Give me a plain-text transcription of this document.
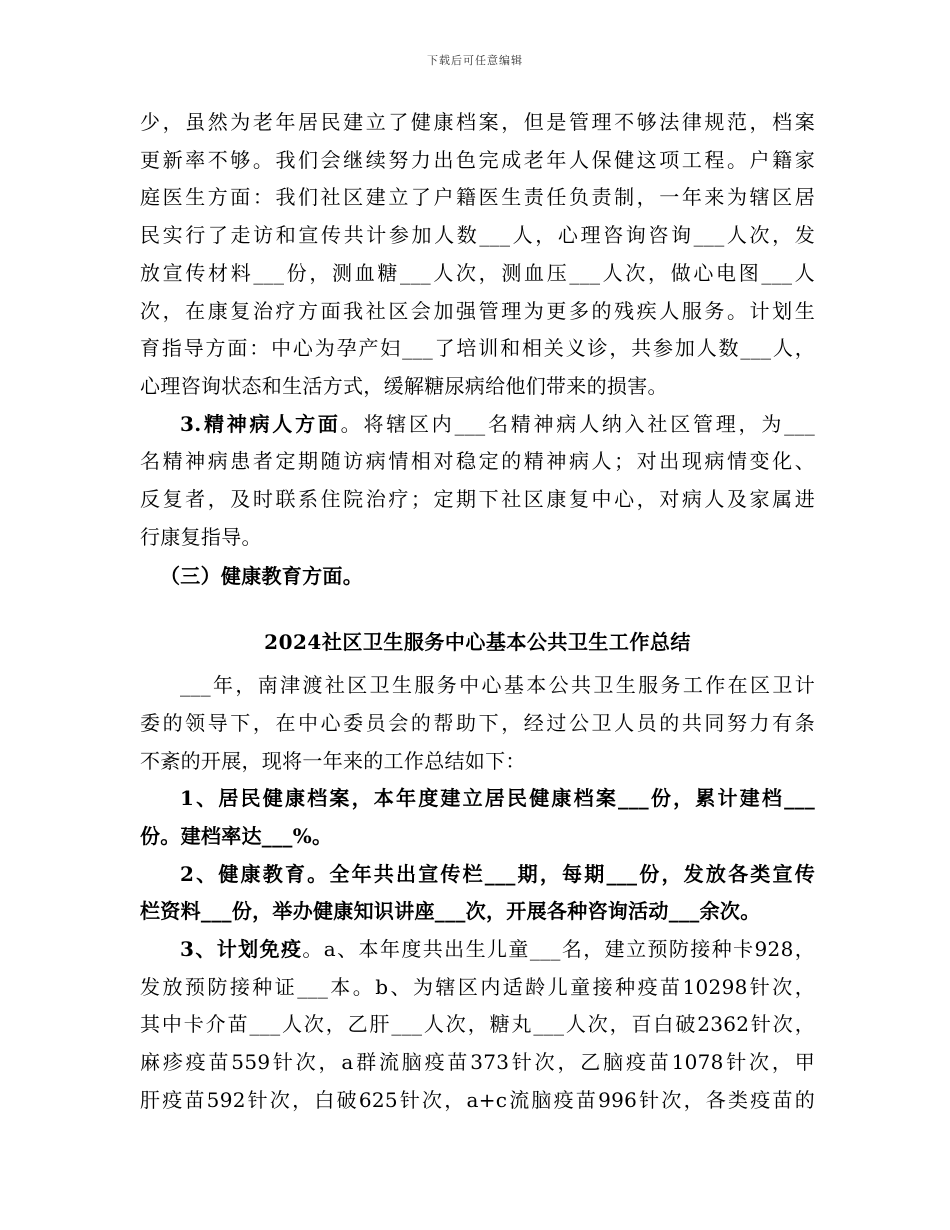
下载后可任意编辑

少，虽然为老年居民建立了健康档案，但是管理不够法律规范，档案

更新率不够。我们会继续努力出色完成老年人保健这项工程。户籍家

庭医生方面：我们社区建立了户籍医生责任负责制，一年来为辖区居

民实行了走访和宣传共计参加人数___人，心理咨询咨询___人次，发

放宣传材料___份，测血糖___人次，测血压___人次，做心电图___人

次，在康复治疗方面我社区会加强管理为更多的残疾人服务。计划生

育指导方面：中心为孕产妇___了培训和相关义诊，共参加人数___人，

心理咨询状态和生活方式，缓解糖尿病给他们带来的损害。

3.精神病人方面。将辖区内___名精神病人纳入社区管理，为___

名精神病患者定期随访病情相对稳定的精神病人；对出现病情变化、

反复者，及时联系住院治疗；定期下社区康复中心，对病人及家属进

行康复指导。

（三）健康教育方面。

2024社区卫生服务中心基本公共卫生工作总结

___年，南津渡社区卫生服务中心基本公共卫生服务工作在区卫计

委的领导下，在中心委员会的帮助下，经过公卫人员的共同努力有条

不紊的开展，现将一年来的工作总结如下：

1、居民健康档案，本年度建立居民健康档案___份，累计建档___

份。建档率达___%。

2、健康教育。全年共出宣传栏___期，每期___份，发放各类宣传

栏资料___份，举办健康知识讲座___次，开展各种咨询活动___余次。

3、计划免疫。a、本年度共出生儿童___名，建立预防接种卡928，

发放预防接种证___本。b、为辖区内适龄儿童接种疫苗10298针次，

其中卡介苗___人次，乙肝___人次，糖丸___人次，百白破2362针次，

麻疹疫苗559针次，a群流脑疫苗373针次，乙脑疫苗1078针次，甲

肝疫苗592针次，白破625针次，a+c流脑疫苗996针次，各类疫苗的
